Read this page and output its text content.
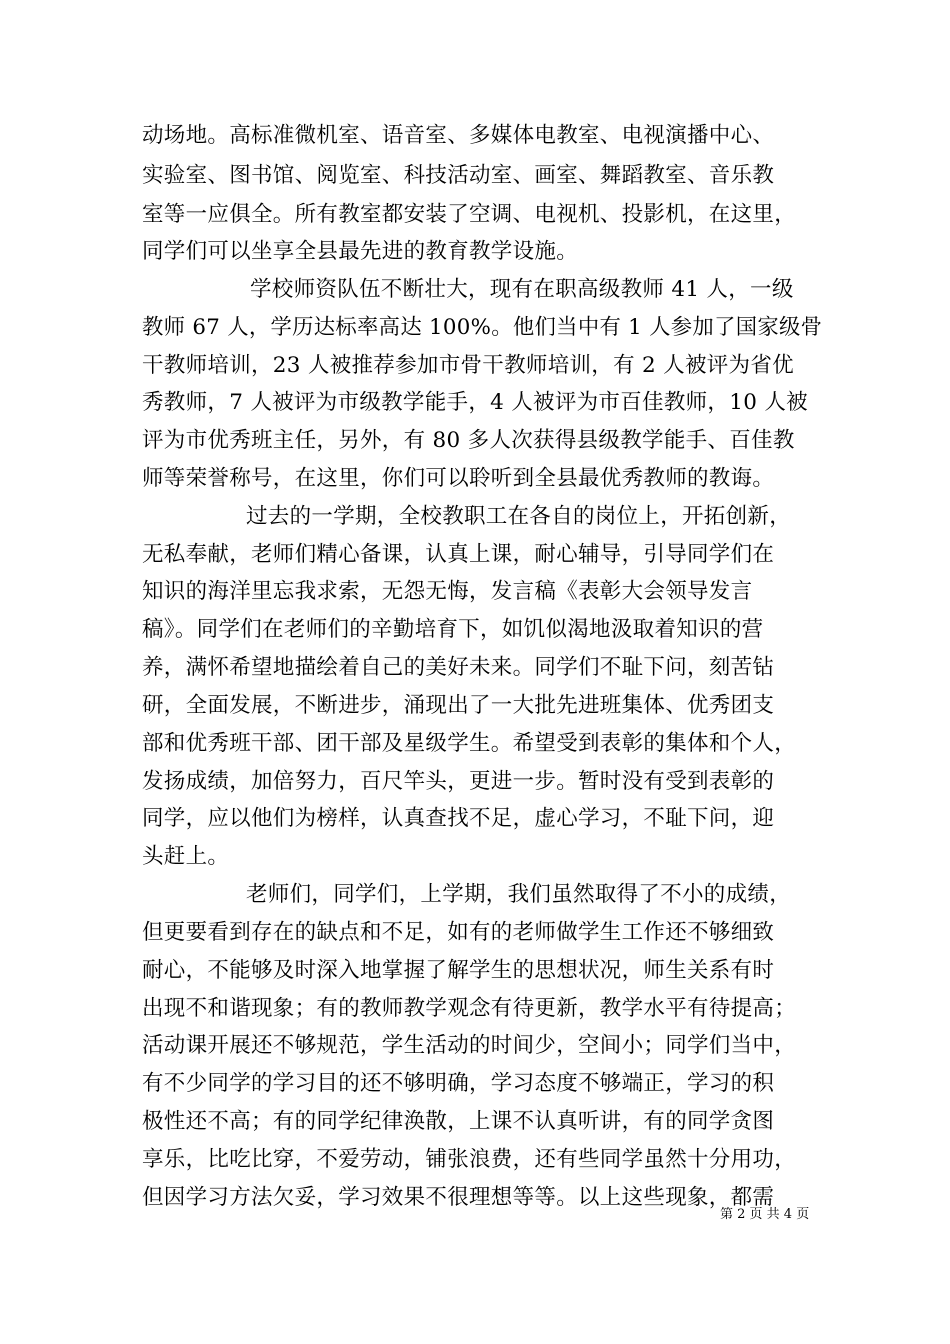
动场地。高标准微机室、语音室、多媒体电教室、电视演播中心、
实验室、图书馆、阅览室、科技活动室、画室、舞蹈教室、音乐教
室等一应俱全。所有教室都安装了空调、电视机、投影机，在这里，
同学们可以坐享全县最先进的教育教学设施。
学校师资队伍不断壮大，现有在职高级教师 41 人，一级
教师 67 人，学历达标率高达 100%。他们当中有 1 人参加了国家级骨
干教师培训，23 人被推荐参加市骨干教师培训，有 2 人被评为省优
秀教师，7 人被评为市级教学能手，4 人被评为市百佳教师，10 人被
评为市优秀班主任，另外，有 80 多人次获得县级教学能手、百佳教
师等荣誉称号，在这里，你们可以聆听到全县最优秀教师的教诲。
过去的一学期，全校教职工在各自的岗位上，开拓创新，
无私奉献，老师们精心备课，认真上课，耐心辅导，引导同学们在
知识的海洋里忘我求索，无怨无悔，发言稿《表彰大会领导发言
稿》。同学们在老师们的辛勤培育下，如饥似渴地汲取着知识的营
养，满怀希望地描绘着自己的美好未来。同学们不耻下问，刻苦钻
研，全面发展，不断进步，涌现出了一大批先进班集体、优秀团支
部和优秀班干部、团干部及星级学生。希望受到表彰的集体和个人，
发扬成绩，加倍努力，百尺竿头，更进一步。暂时没有受到表彰的
同学，应以他们为榜样，认真查找不足，虚心学习，不耻下问，迎
头赶上。
老师们，同学们，上学期，我们虽然取得了不小的成绩，
但更要看到存在的缺点和不足，如有的老师做学生工作还不够细致
耐心，不能够及时深入地掌握了解学生的思想状况，师生关系有时
出现不和谐现象；有的教师教学观念有待更新，教学水平有待提高；
活动课开展还不够规范，学生活动的时间少，空间小；同学们当中，
有不少同学的学习目的还不够明确，学习态度不够端正，学习的积
极性还不高；有的同学纪律涣散，上课不认真听讲，有的同学贪图
享乐，比吃比穿，不爱劳动，铺张浪费，还有些同学虽然十分用功，
但因学习方法欠妥，学习效果不很理想等等。以上这些现象，都需
第 2 页 共 4 页
